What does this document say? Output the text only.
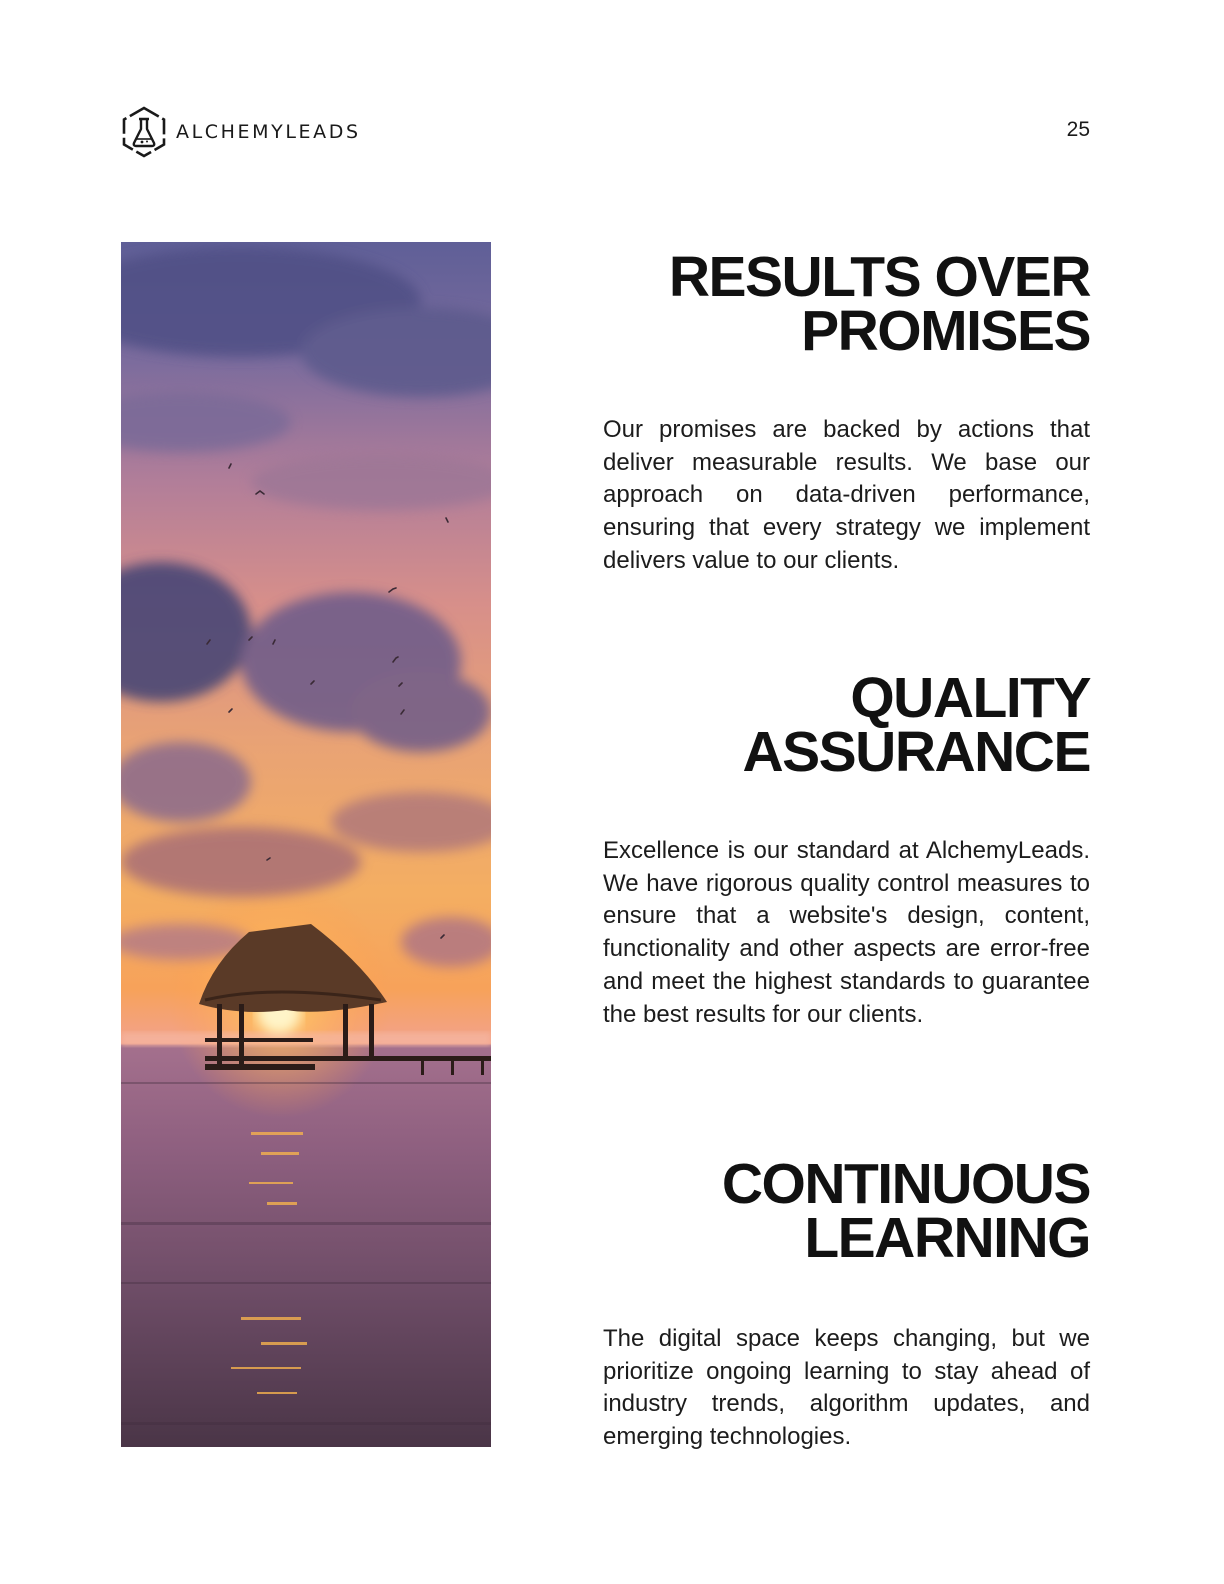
ALCHEMYLEADS	25
RESULTS OVER
PROMISES

Our promises are backed by actions that deliver measurable results. We base our approach on data-driven performance, ensuring that every strategy we implement delivers value to our clients.

QUALITY
ASSURANCE

Excellence is our standard at AlchemyLeads. We have rigorous quality control measures to ensure that a website's design, content, functionality and other aspects are error-free and meet the highest standards to guarantee the best results for our clients.

CONTINUOUS
LEARNING

The digital space keeps changing, but we prioritize ongoing learning to stay ahead of industry trends, algorithm updates, and emerging technologies.
